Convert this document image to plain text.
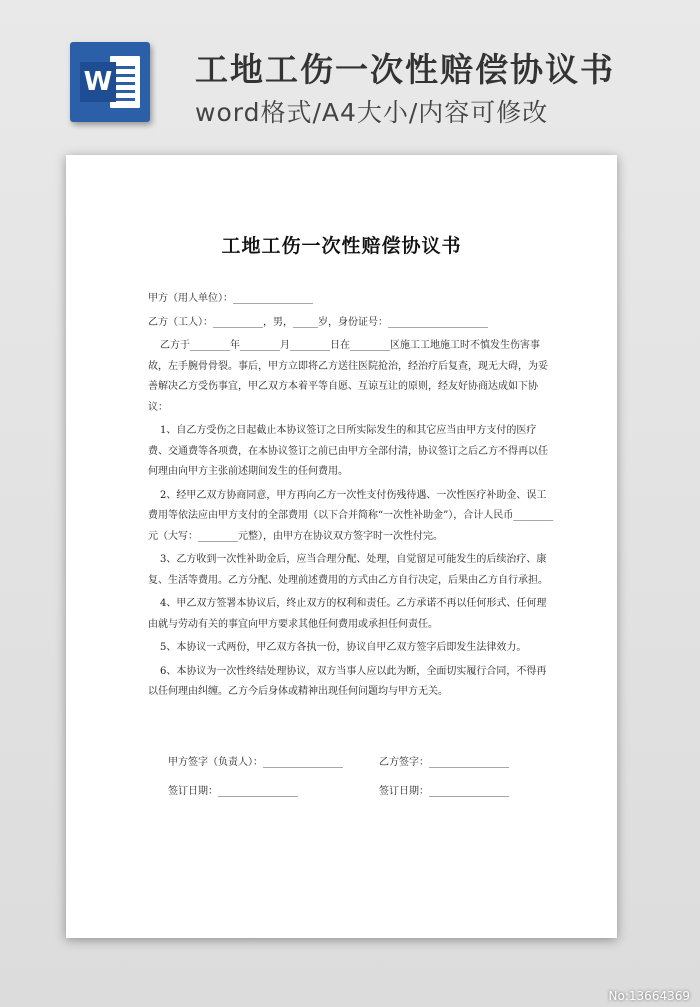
W	工地工伤一次性赔偿协议书
word格式/A4大小/内容可修改
工地工伤一次性赔偿协议书

甲方（用人单位）：________________

乙方（工人）：__________，男，_____岁，身份证号：____________________

乙方于________年________月________日在________区施工工地施工时不慎发生伤害事故，左手腕骨骨裂。事后，甲方立即将乙方送往医院抢治，经治疗后复查，现无大碍，为妥善解决乙方受伤事宜，甲乙双方本着平等自愿、互谅互让的原则，经友好协商达成如下协议：

1、自乙方受伤之日起截止本协议签订之日所实际发生的和其它应当由甲方支付的医疗费、交通费等各项费，在本协议签订之前已由甲方全部付清，协议签订之后乙方不得再以任何理由向甲方主张前述期间发生的任何费用。

2、经甲乙双方协商同意，甲方再向乙方一次性支付伤残待遇、一次性医疗补助金、误工费用等依法应由甲方支付的全部费用（以下合并简称“一次性补助金”），合计人民币________元（大写：________元整），由甲方在协议双方签字时一次性付完。

3、乙方收到一次性补助金后，应当合理分配、处理，自觉留足可能发生的后续治疗、康复、生活等费用。乙方分配、处理前述费用的方式由乙方自行决定，后果由乙方自行承担。

4、甲乙双方签署本协议后，终止双方的权利和责任。乙方承诺不再以任何形式、任何理由就与劳动有关的事宜向甲方要求其他任何费用或承担任何责任。

5、本协议一式两份，甲乙双方各执一份，协议自甲乙双方签字后即发生法律效力。

6、本协议为一次性终结处理协议，双方当事人应以此为断，全面切实履行合同，不得再以任何理由纠缠。乙方今后身体或精神出现任何问题均与甲方无关。

甲方签字（负责人）：________________	乙方签字：________________
签订日期：________________	签订日期：________________
No:13664369
